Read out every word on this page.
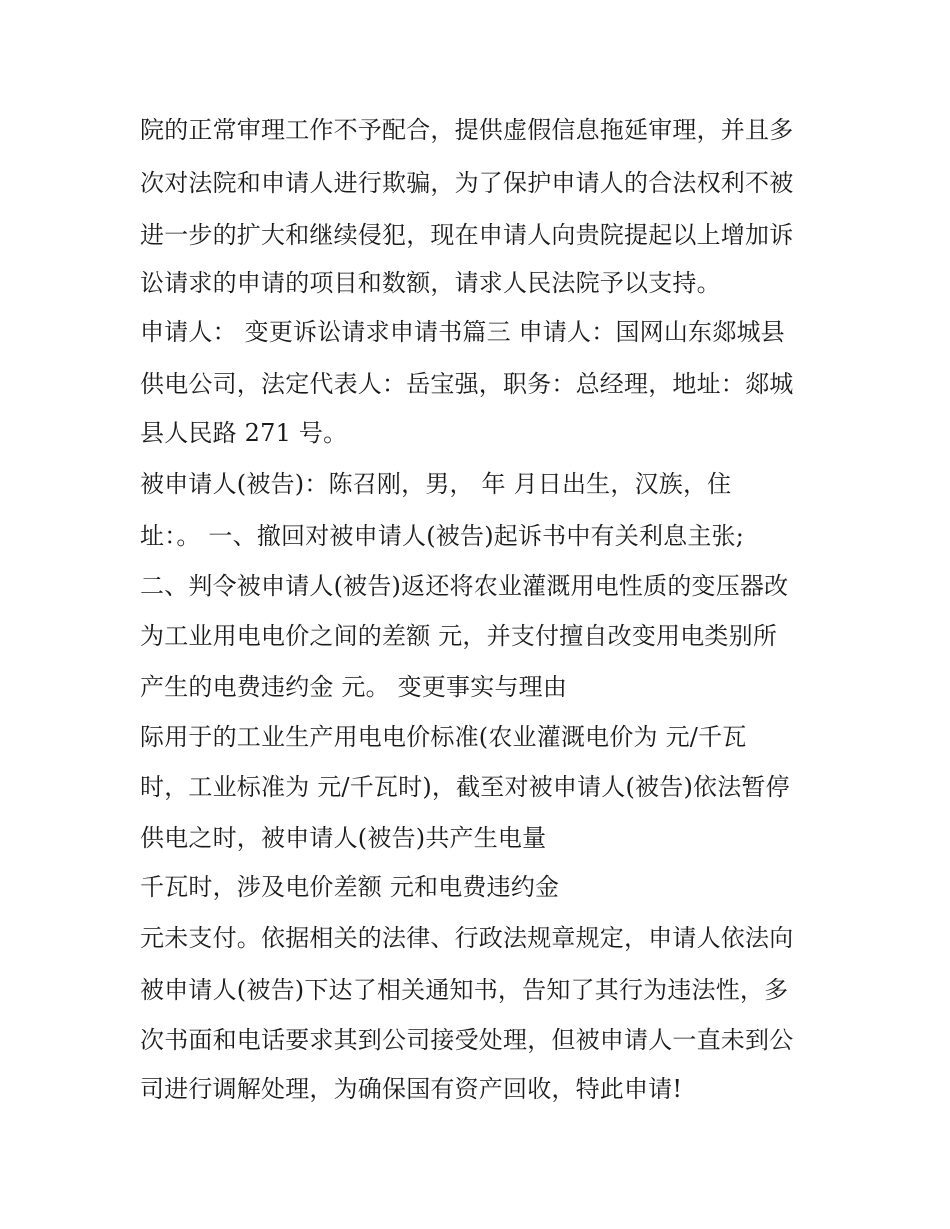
院的正常审理工作不予配合，提供虚假信息拖延审理，并且多
次对法院和申请人进行欺骗，为了保护申请人的合法权利不被
进一步的扩大和继续侵犯，现在申请人向贵院提起以上增加诉
讼请求的申请的项目和数额，请求人民法院予以支持。
申请人： 变更诉讼请求申请书篇三 申请人：国网山东郯城县
供电公司，法定代表人：岳宝强，职务：总经理，地址：郯城
县人民路 271 号。
被申请人(被告)：陈召刚，男， 年 月日出生，汉族，住
址：。 一、撤回对被申请人(被告)起诉书中有关利息主张;
二、判令被申请人(被告)返还将农业灌溉用电性质的变压器改
为工业用电电价之间的差额 元，并支付擅自改变用电类别所
产生的电费违约金 元。 变更事实与理由
际用于的工业生产用电电价标准(农业灌溉电价为 元/千瓦
时，工业标准为 元/千瓦时)，截至对被申请人(被告)依法暂停
供电之时，被申请人(被告)共产生电量
千瓦时，涉及电价差额 元和电费违约金
元未支付。依据相关的法律、行政法规章规定，申请人依法向
被申请人(被告)下达了相关通知书，告知了其行为违法性，多
次书面和电话要求其到公司接受处理，但被申请人一直未到公
司进行调解处理，为确保国有资产回收，特此申请!
